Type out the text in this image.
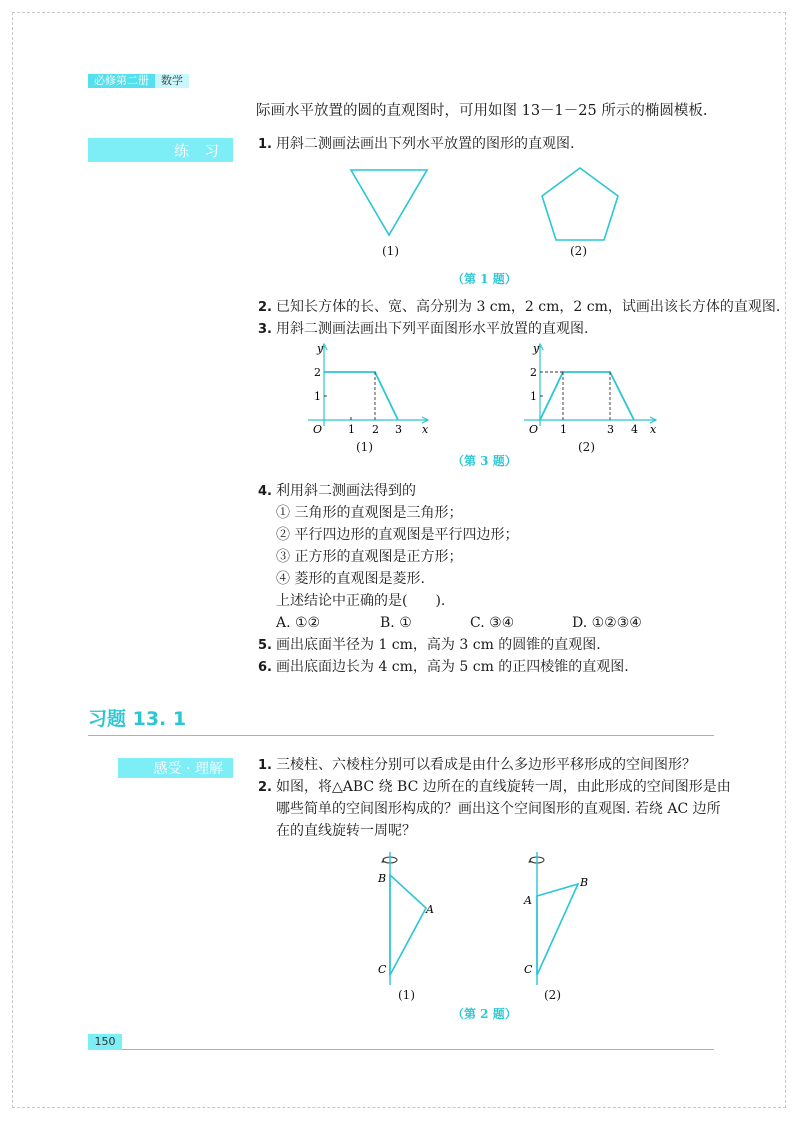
必修第二册	数学
际画水平放置的圆的直观图时，可用如图 13－1－25 所示的椭圆模板.
练　习	1. 用斜二测画法画出下列水平放置的图形的直观图.
(1)	(2)
（第 1 题）
2. 已知长方体的长、宽、高分别为 3 cm，2 cm，2 cm，试画出该长方体的直观图.
3. 用斜二测画法画出下列平面图形水平放置的直观图.
y
x
O
2
1
1 2 3
(1)
y
x
O
2
1
1	3 4
(2)
（第 3 题）
4. 利用斜二测画法得到的
① 三角形的直观图是三角形；
② 平行四边形的直观图是平行四边形；
③ 正方形的直观图是正方形；
④ 菱形的直观图是菱形.
上述结论中正确的是(　　).
A. ①②	B. ①	C. ③④	D. ①②③④
5. 画出底面半径为 1 cm，高为 3 cm 的圆锥的直观图.
6. 画出底面边长为 4 cm，高为 5 cm 的正四棱锥的直观图.
习题 13. 1
感受 · 理解	1. 三棱柱、六棱柱分别可以看成是由什么多边形平移形成的空间图形？
2. 如图，将△ABC 绕 BC 边所在的直线旋转一周，由此形成的空间图形是由
哪些简单的空间图形构成的？画出这个空间图形的直观图. 若绕 AC 边所
在的直线旋转一周呢？
B
A
C
(1)
B
A
C
(2)
（第 2 题）
150
